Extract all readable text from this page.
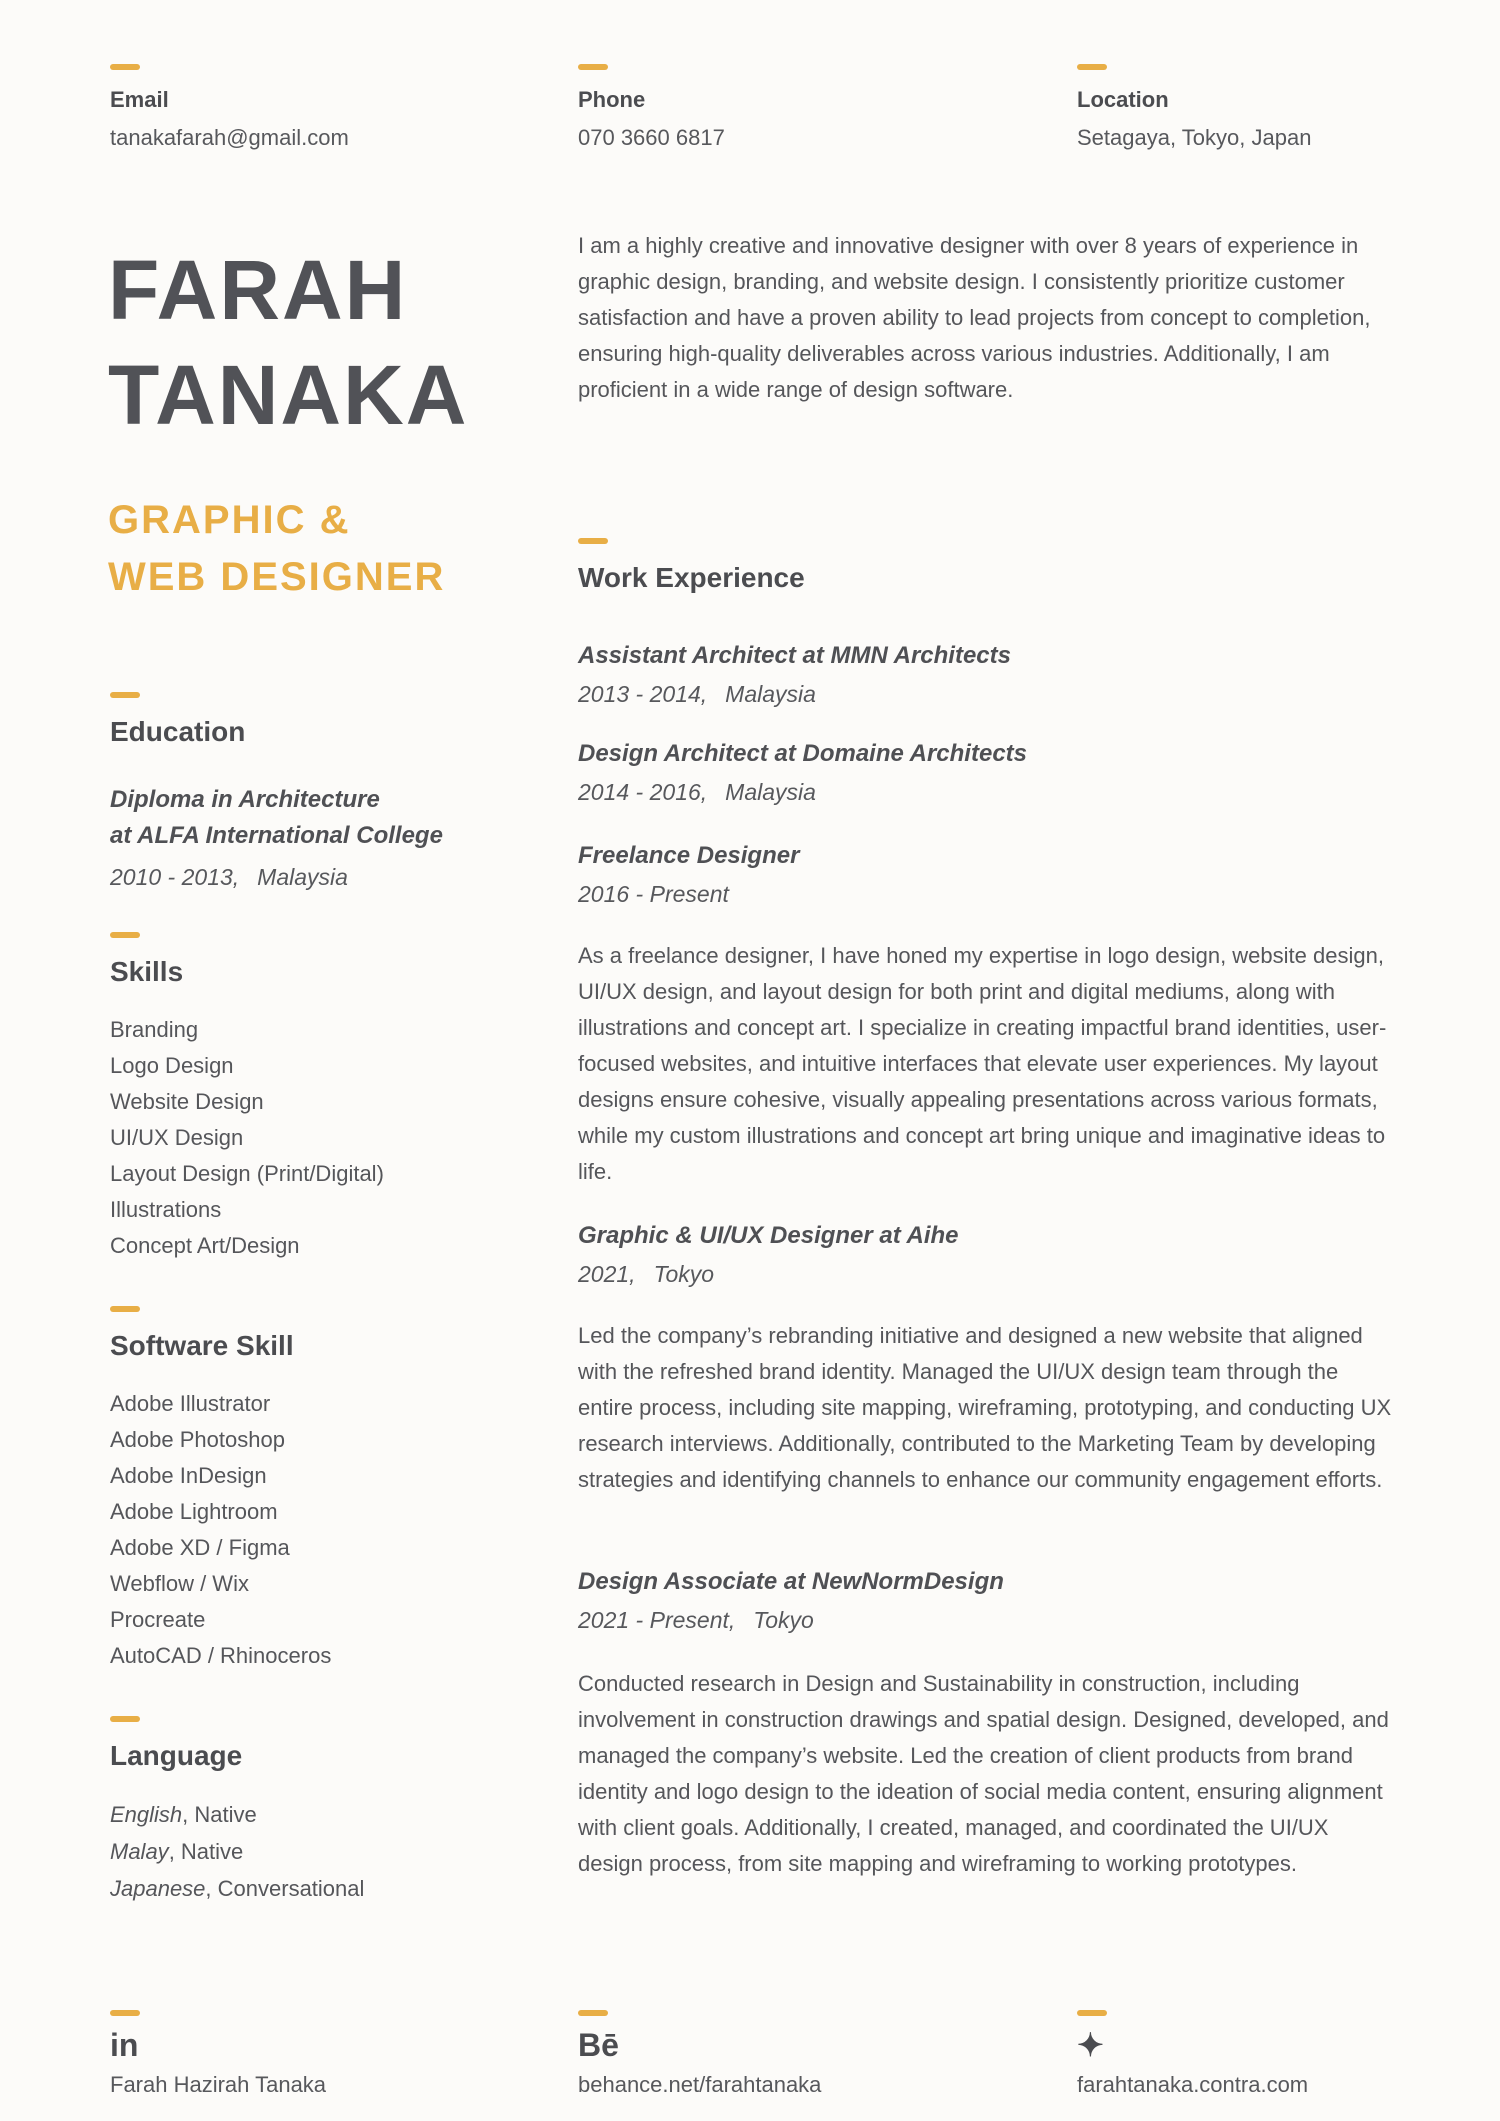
Email
tanakafarah@gmail.com
Phone
070 3660 6817
Location
Setagaya, Tokyo, Japan
FARAH
TANAKA
GRAPHIC &
WEB DESIGNER
I am a highly creative and innovative designer with over 8 years of experience in graphic design, branding, and website design. I consistently prioritize customer satisfaction and have a proven ability to lead projects from concept to completion, ensuring high-quality deliverables across various industries. Additionally, I am proficient in a wide range of design software.
Work Experience
Assistant Architect at MMN Architects
2013 - 2014, Malaysia
Design Architect at Domaine Architects
2014 - 2016, Malaysia
Freelance Designer
2016 - Present
As a freelance designer, I have honed my expertise in logo design, website design, UI/UX design, and layout design for both print and digital mediums, along with illustrations and concept art. I specialize in creating impactful brand identities, user-focused websites, and intuitive interfaces that elevate user experiences. My layout designs ensure cohesive, visually appealing presentations across various formats, while my custom illustrations and concept art bring unique and imaginative ideas to life.
Graphic & UI/UX Designer at Aihe
2021, Tokyo
Led the company’s rebranding initiative and designed a new website that aligned with the refreshed brand identity. Managed the UI/UX design team through the entire process, including site mapping, wireframing, prototyping, and conducting UX research interviews. Additionally, contributed to the Marketing Team by developing strategies and identifying channels to enhance our community engagement efforts.
Design Associate at NewNormDesign
2021 - Present, Tokyo
Conducted research in Design and Sustainability in construction, including involvement in construction drawings and spatial design. Designed, developed, and managed the company’s website. Led the creation of client products from brand identity and logo design to the ideation of social media content, ensuring alignment with client goals. Additionally, I created, managed, and coordinated the UI/UX design process, from site mapping and wireframing to working prototypes.
Education
Diploma in Architecture
at ALFA International College
2010 - 2013, Malaysia
Skills
Branding
Logo Design
Website Design
UI/UX Design
Layout Design (Print/Digital)
Illustrations
Concept Art/Design
Software Skill
Adobe Illustrator
Adobe Photoshop
Adobe InDesign
Adobe Lightroom
Adobe XD / Figma
Webflow / Wix
Procreate
AutoCAD / Rhinoceros
Language
English, Native
Malay, Native
Japanese, Conversational
in
Farah Hazirah Tanaka
Bē
behance.net/farahtanaka
✦
farahtanaka.contra.com
